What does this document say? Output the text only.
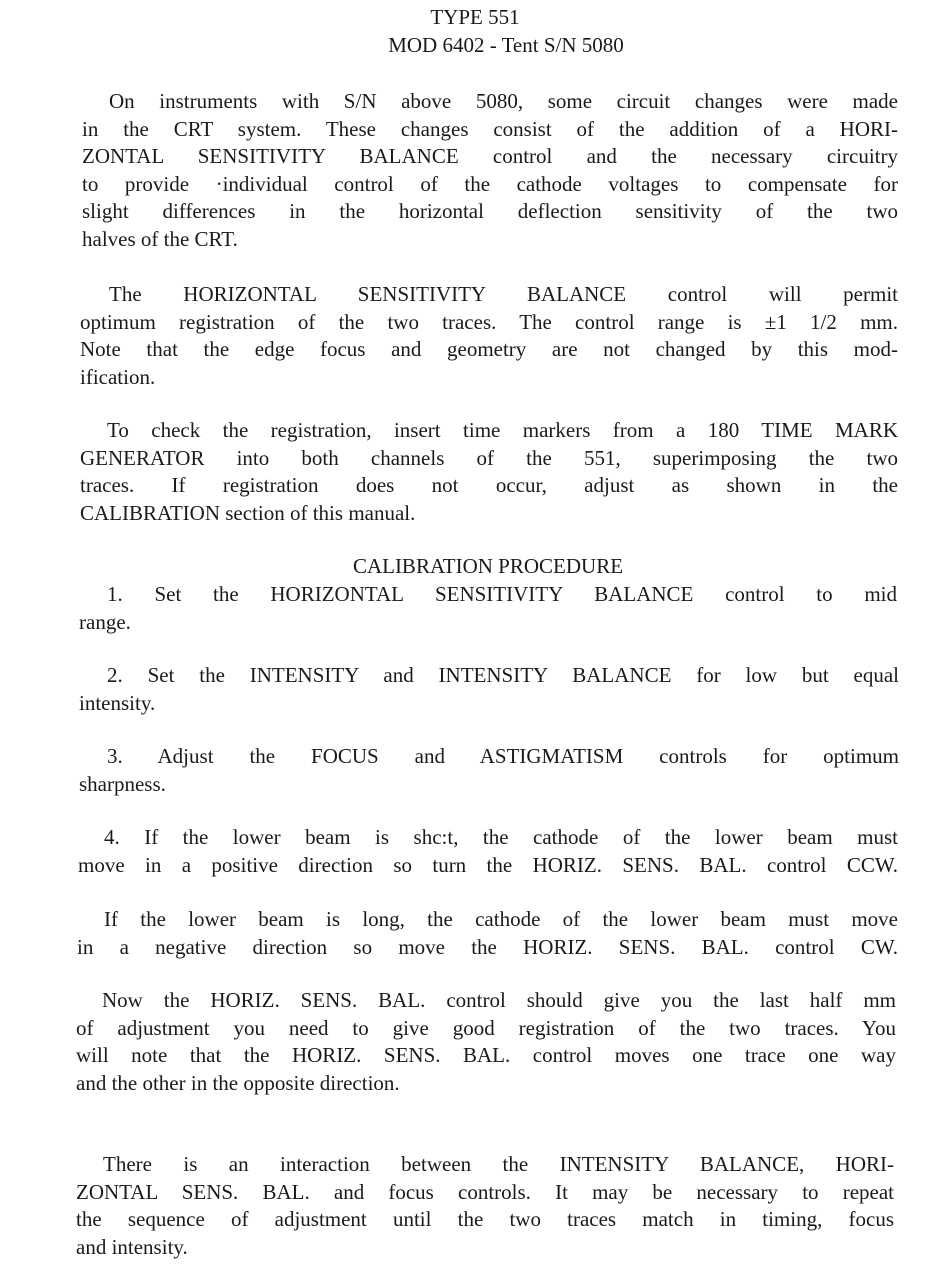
TYPE 551
MOD 6402 - Tent S/N 5080
On instruments with S/N above 5080, some circuit changes were made
in the CRT system. These changes consist of the addition of a HORI-
ZONTAL SENSITIVITY BALANCE control and the necessary circuitry
to provide ·individual control of the cathode voltages to compensate for
slight differences in the horizontal deflection sensitivity of the two
halves of the CRT.
The HORIZONTAL SENSITIVITY BALANCE control will permit
optimum registration of the two traces. The control range is ±1 1/2 mm.
Note that the edge focus and geometry are not changed by this mod-
ification.
To check the registration, insert time markers from a 180 TIME MARK
GENERATOR into both channels of the 551, superimposing the two
traces. If registration does not occur, adjust as shown in the
CALIBRATION section of this manual.
CALIBRATION PROCEDURE
1. Set the HORIZONTAL SENSITIVITY BALANCE control to mid
range.
2. Set the INTENSITY and INTENSITY BALANCE for low but equal
intensity.
3. Adjust the FOCUS and ASTIGMATISM controls for optimum
sharpness.
4. If the lower beam is shc:t, the cathode of the lower beam must
move in a positive direction so turn the HORIZ. SENS. BAL. control CCW.
If the lower beam is long, the cathode of the lower beam must move
in a negative direction so move the HORIZ. SENS. BAL. control CW.
Now the HORIZ. SENS. BAL. control should give you the last half mm
of adjustment you need to give good registration of the two traces. You
will note that the HORIZ. SENS. BAL. control moves one trace one way
and the other in the opposite direction.
There is an interaction between the INTENSITY BALANCE, HORI-
ZONTAL SENS. BAL. and focus controls. It may be necessary to repeat
the sequence of adjustment until the two traces match in timing, focus
and intensity.
